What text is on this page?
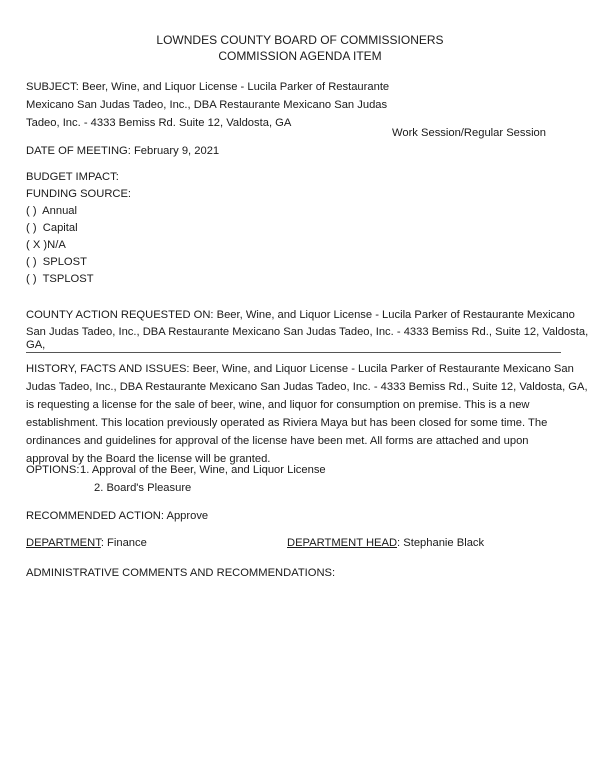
LOWNDES COUNTY BOARD OF COMMISSIONERS
COMMISSION AGENDA ITEM
SUBJECT: Beer, Wine, and Liquor License - Lucila Parker of Restaurante
Mexicano San Judas Tadeo, Inc., DBA Restaurante Mexicano San Judas
Tadeo, Inc. - 4333 Bemiss Rd. Suite 12, Valdosta, GA
Work Session/Regular Session
DATE OF MEETING: February 9, 2021
BUDGET IMPACT:
FUNDING SOURCE:
( ) Annual
( ) Capital
( X )N/A
( ) SPLOST
( ) TSPLOST
COUNTY ACTION REQUESTED ON: Beer, Wine, and Liquor License - Lucila Parker of Restaurante Mexicano
San Judas Tadeo, Inc., DBA Restaurante Mexicano San Judas Tadeo, Inc. - 4333 Bemiss Rd., Suite 12, Valdosta,
GA,
HISTORY, FACTS AND ISSUES: Beer, Wine, and Liquor License - Lucila Parker of Restaurante Mexicano San
Judas Tadeo, Inc., DBA Restaurante Mexicano San Judas Tadeo, Inc. - 4333 Bemiss Rd., Suite 12, Valdosta, GA,
is requesting a license for the sale of beer, wine, and liquor for consumption on premise. This is a new
establishment. This location previously operated as Riviera Maya but has been closed for some time. The
ordinances and guidelines for approval of the license have been met. All forms are attached and upon
approval by the Board the license will be granted.
OPTIONS: 1. Approval of the Beer, Wine, and Liquor License
2. Board's Pleasure
RECOMMENDED ACTION: Approve
DEPARTMENT: Finance	DEPARTMENT HEAD: Stephanie Black
ADMINISTRATIVE COMMENTS AND RECOMMENDATIONS:
